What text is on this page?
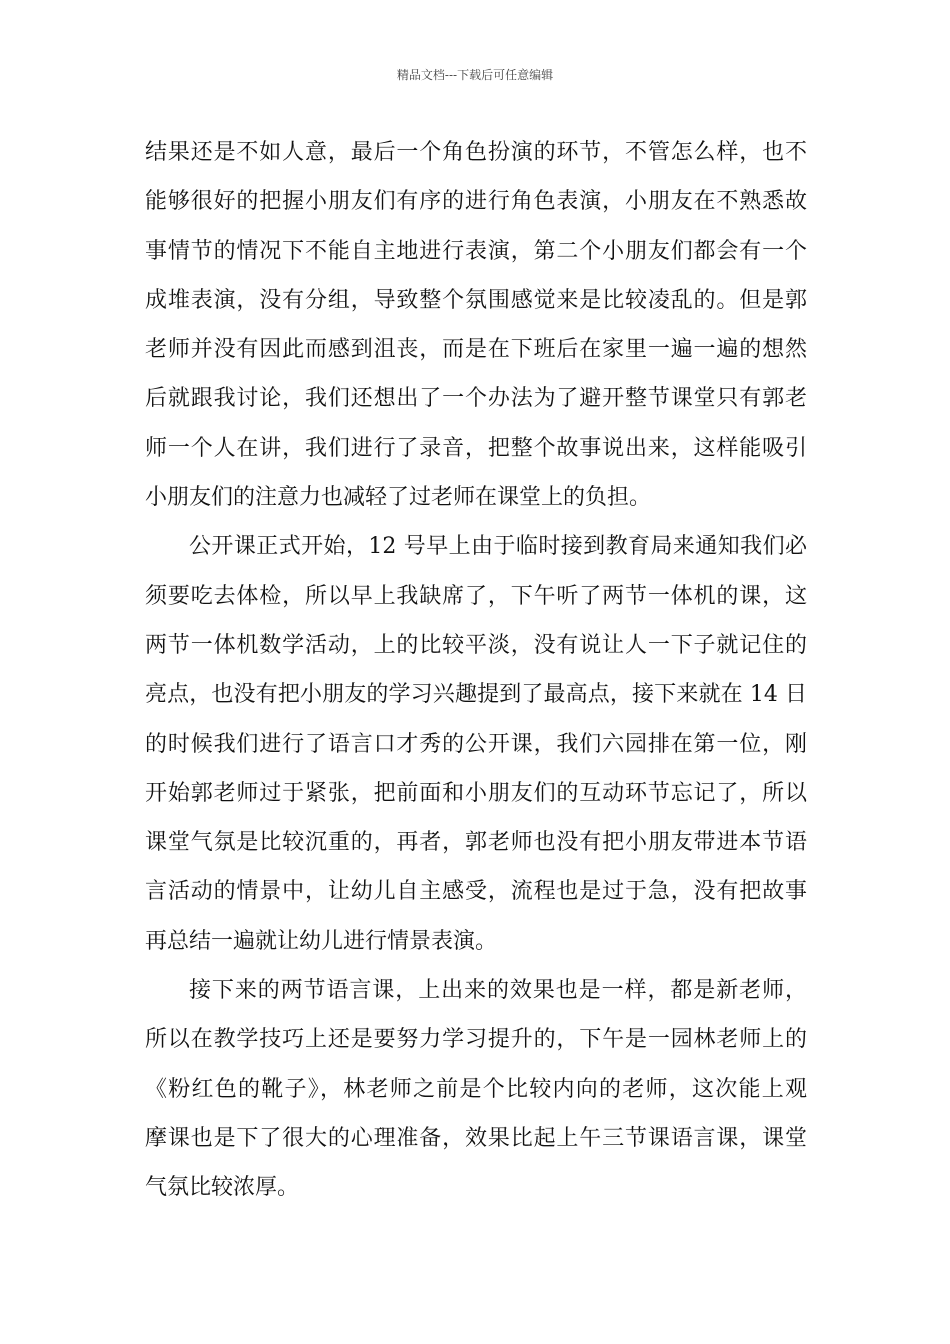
精品文档---下载后可任意编辑
结果还是不如人意，最后一个角色扮演的环节，不管怎么样，也不
能够很好的把握小朋友们有序的进行角色表演，小朋友在不熟悉故
事情节的情况下不能自主地进行表演，第二个小朋友们都会有一个
成堆表演，没有分组，导致整个氛围感觉来是比较凌乱的。但是郭
老师并没有因此而感到沮丧，而是在下班后在家里一遍一遍的想然
后就跟我讨论，我们还想出了一个办法为了避开整节课堂只有郭老
师一个人在讲，我们进行了录音，把整个故事说出来，这样能吸引
小朋友们的注意力也减轻了过老师在课堂上的负担。
公开课正式开始，12 号早上由于临时接到教育局来通知我们必
须要吃去体检，所以早上我缺席了，下午听了两节一体机的课，这
两节一体机数学活动，上的比较平淡，没有说让人一下子就记住的
亮点，也没有把小朋友的学习兴趣提到了最高点，接下来就在 14 日
的时候我们进行了语言口才秀的公开课，我们六园排在第一位，刚
开始郭老师过于紧张，把前面和小朋友们的互动环节忘记了，所以
课堂气氛是比较沉重的，再者，郭老师也没有把小朋友带进本节语
言活动的情景中，让幼儿自主感受，流程也是过于急，没有把故事
再总结一遍就让幼儿进行情景表演。
接下来的两节语言课，上出来的效果也是一样，都是新老师，
所以在教学技巧上还是要努力学习提升的，下午是一园林老师上的
《粉红色的靴子》，林老师之前是个比较内向的老师，这次能上观
摩课也是下了很大的心理准备，效果比起上午三节课语言课，课堂
气氛比较浓厚。
